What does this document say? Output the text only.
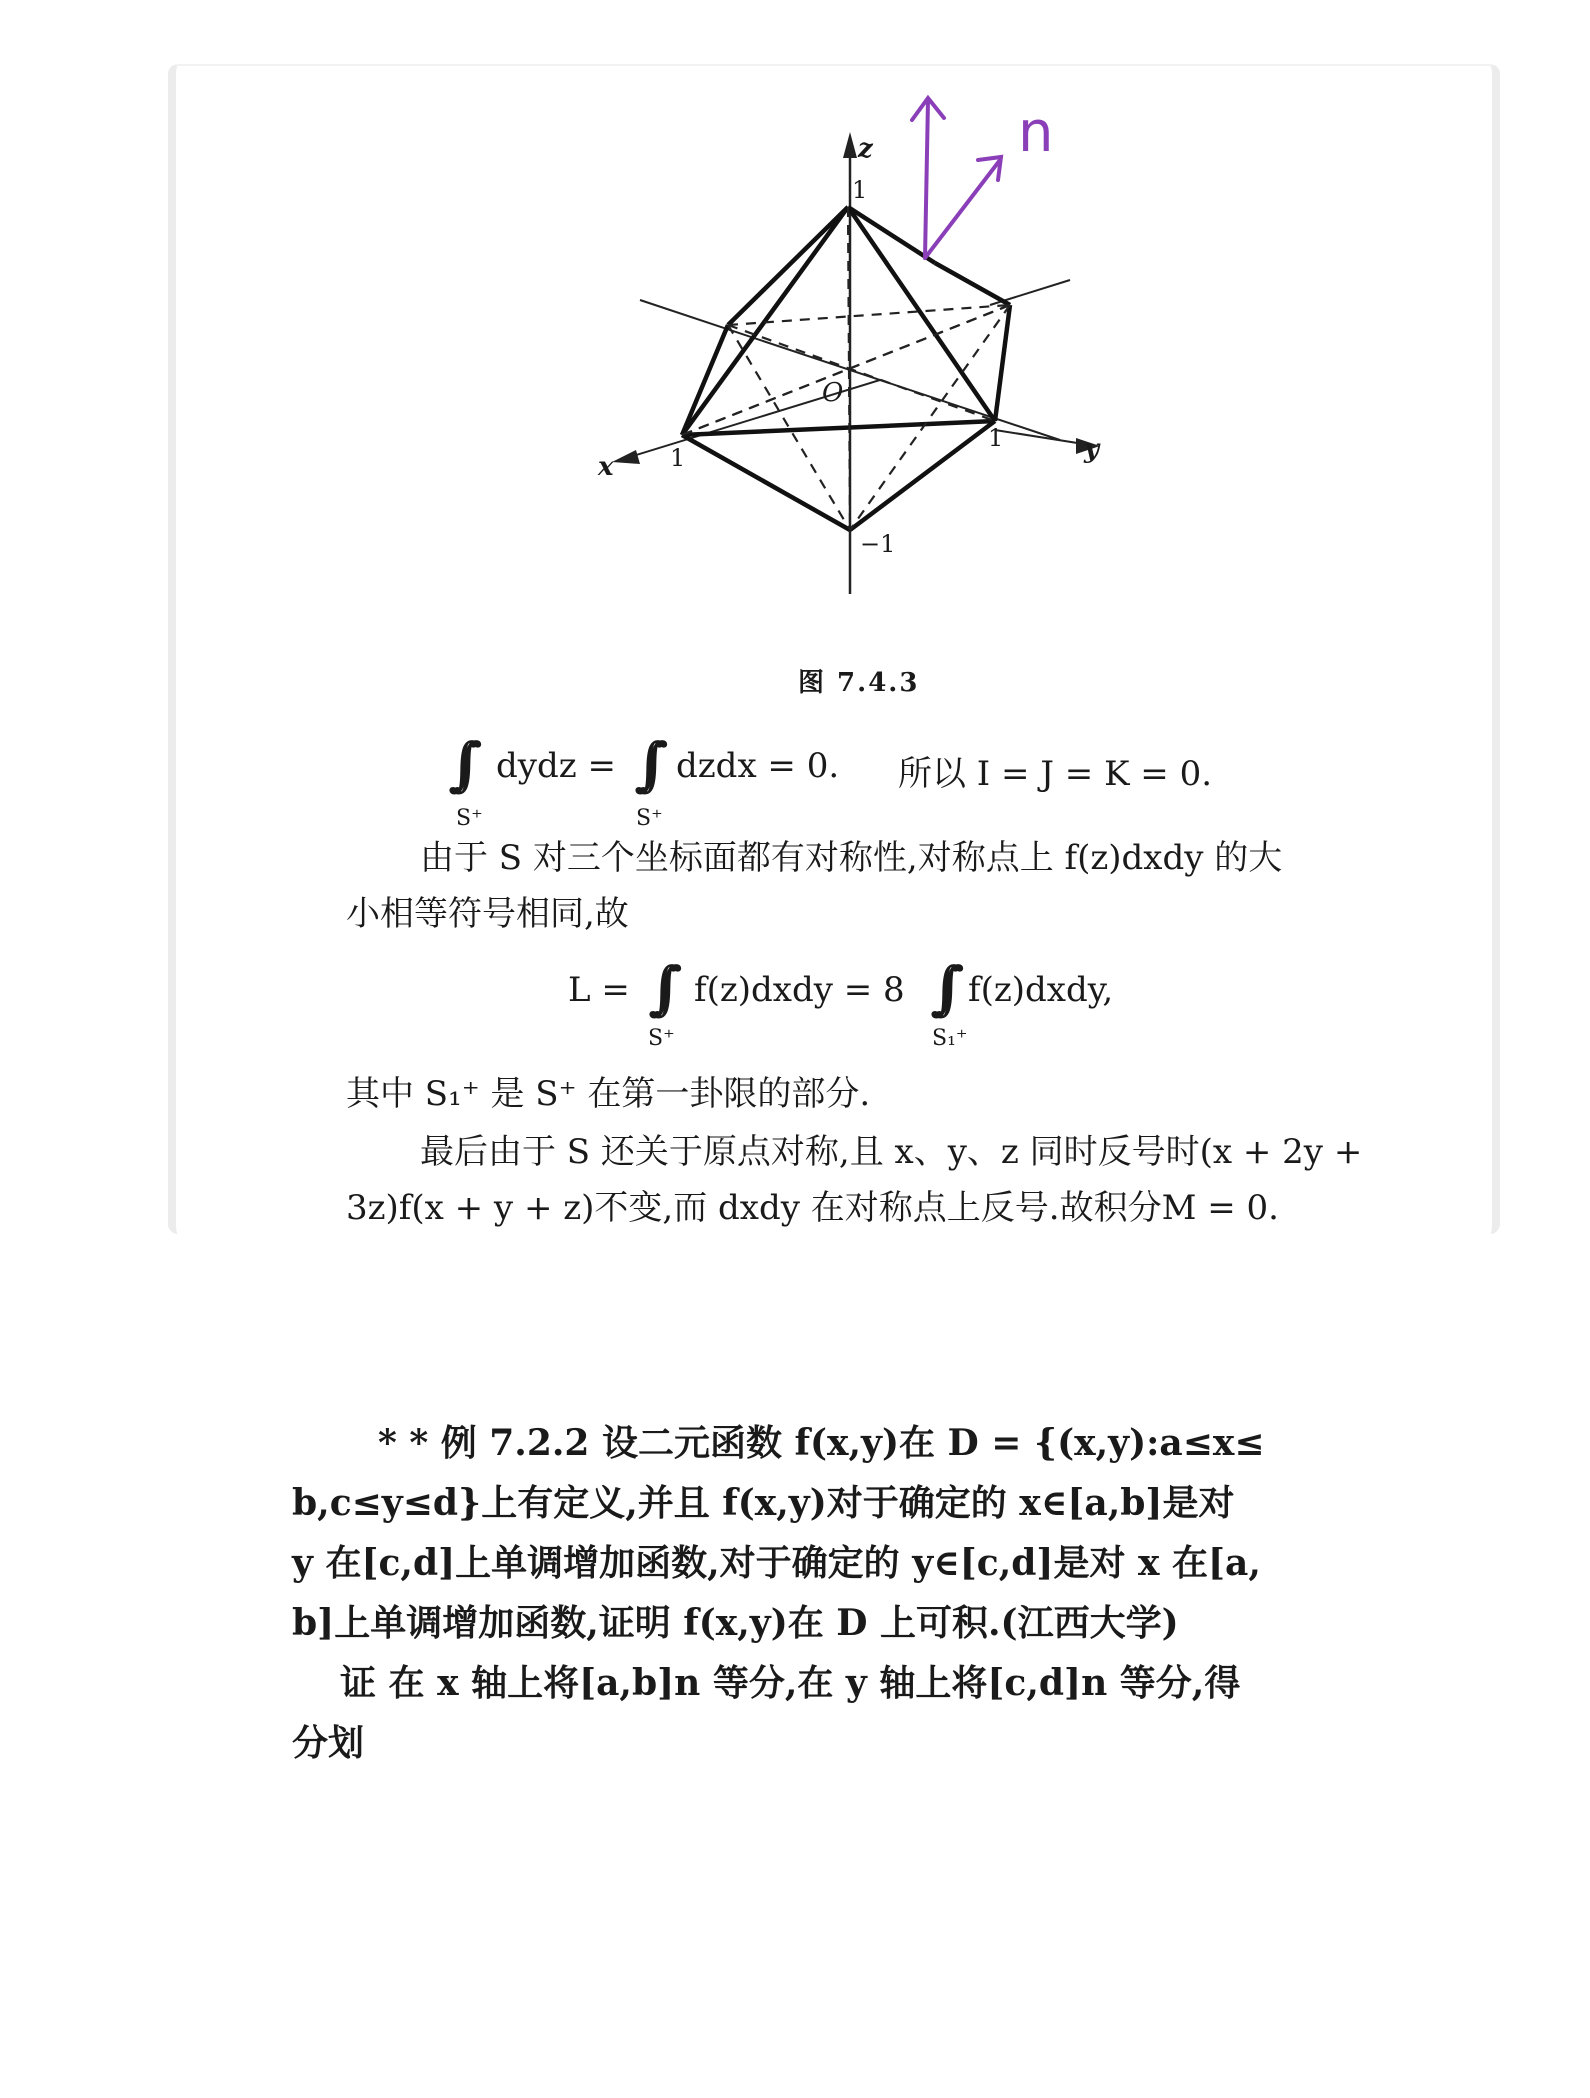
z
1
O
x 1
1	y
−1
n
图 7.4.3
∫∫
S⁺
dydz = ∫∫
S⁺
dzdx = 0. 所以 I = J = K = 0.
由于 S 对三个坐标面都有对称性,对称点上 f(z)dxdy 的大
小相等符号相同,故
L = ∫∫
S⁺
f(z)dxdy = 8 ∫∫
S₁⁺
f(z)dxdy,
其中 S₁⁺ 是 S⁺ 在第一卦限的部分.
最后由于 S 还关于原点对称,且 x、y、z 同时反号时(x + 2y +
3z)f(x + y + z)不变,而 dxdy 在对称点上反号.故积分M = 0.
* * 例 7.2.2 设二元函数 f(x,y)在 D = {(x,y):a≤x≤
b,c≤y≤d}上有定义,并且 f(x,y)对于确定的 x∈[a,b]是对
y 在[c,d]上单调增加函数,对于确定的 y∈[c,d]是对 x 在[a,
b]上单调增加函数,证明 f(x,y)在 D 上可积.(江西大学)
证 在 x 轴上将[a,b]n 等分,在 y 轴上将[c,d]n 等分,得
分划
